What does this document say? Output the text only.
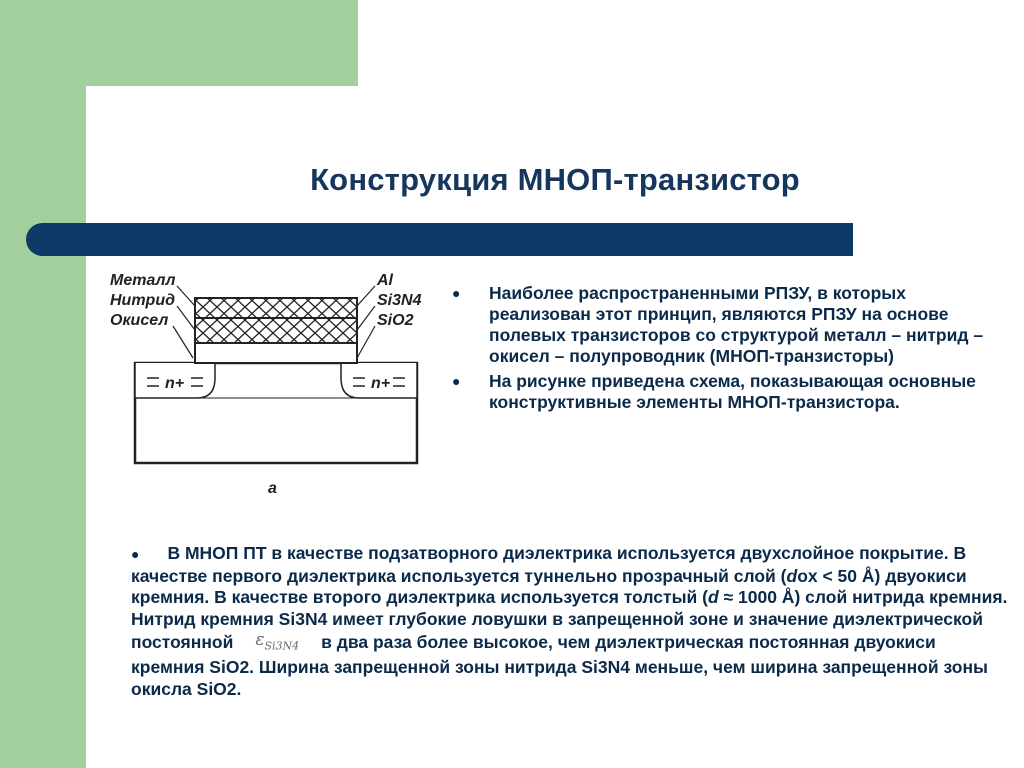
Конструкция МНОП-транзистор
n+	n+
Металл
Нитрид
Окисел
Al
Si3N4
SiO2
а
● Наиболее распространенными РПЗУ, в которых реализован этот принцип, являются РПЗУ на основе полевых транзисторов со структурой металл – нитрид – окисел – полупроводник (МНОП-транзисторы)
● На рисунке приведена схема, показывающая основные конструктивные элементы МНОП-транзистора.
● В МНОП ПТ в качестве подзатворного диэлектрика используется двухслойное покрытие. В качестве первого диэлектрика используется туннельно прозрачный слой (dox < 50 Å) двуокиси кремния. В качестве второго диэлектрика используется толстый (d ≈ 1000 Å) слой нитрида кремния. Нитрид кремния Si3N4 имеет глубокие ловушки в запрещенной зоне и значение диэлектрической постоянной $\varepsilon_{Si3N4}$ в два раза более высокое, чем диэлектрическая постоянная двуокиси кремния SiO2. Ширина запрещенной зоны нитрида Si3N4 меньше, чем ширина запрещенной зоны окисла SiO2.
